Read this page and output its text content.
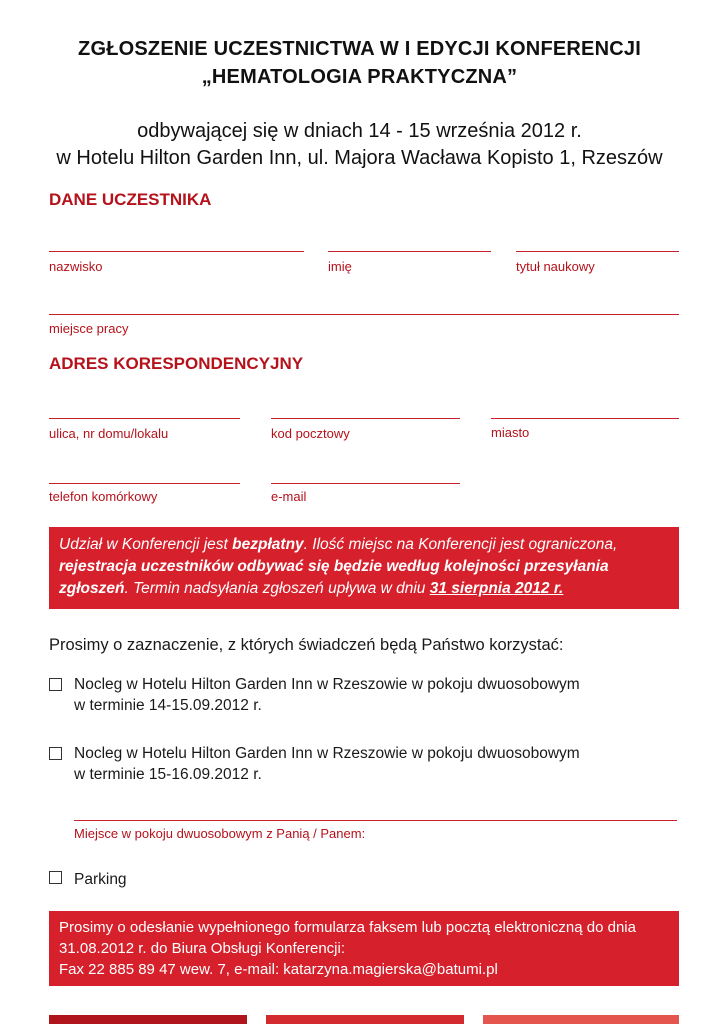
ZGŁOSZENIE UCZESTNICTWA W I EDYCJI KONFERENCJI
„HEMATOLOGIA PRAKTYCZNA”
odbywającej się w dniach 14 - 15 września 2012 r.
w Hotelu Hilton Garden Inn, ul. Majora Wacława Kopisto 1, Rzeszów
DANE UCZESTNIKA
nazwisko	imię	tytuł naukowy
miejsce pracy
ADRES KORESPONDENCYJNY
ulica, nr domu/lokalu	kod pocztowy	miasto
telefon komórkowy	e-mail
Udział w Konferencji jest bezpłatny. Ilość miejsc na Konferencji jest ograniczona, rejestracja uczestników odbywać się będzie według kolejności przesyłania zgłoszeń. Termin nadsyłania zgłoszeń upływa w dniu 31 sierpnia 2012 r.
Prosimy o zaznaczenie, z których świadczeń będą Państwo korzystać:
Nocleg w Hotelu Hilton Garden Inn w Rzeszowie w pokoju dwuosobowym
w terminie 14-15.09.2012 r.
Nocleg w Hotelu Hilton Garden Inn w Rzeszowie w pokoju dwuosobowym
w terminie 15-16.09.2012 r.
Miejsce w pokoju dwuosobowym z Panią / Panem:
Parking
Prosimy o odesłanie wypełnionego formularza faksem lub pocztą elektroniczną do dnia
31.08.2012 r. do Biura Obsługi Konferencji:
Fax 22 885 89 47 wew. 7, e-mail: katarzyna.magierska@batumi.pl
